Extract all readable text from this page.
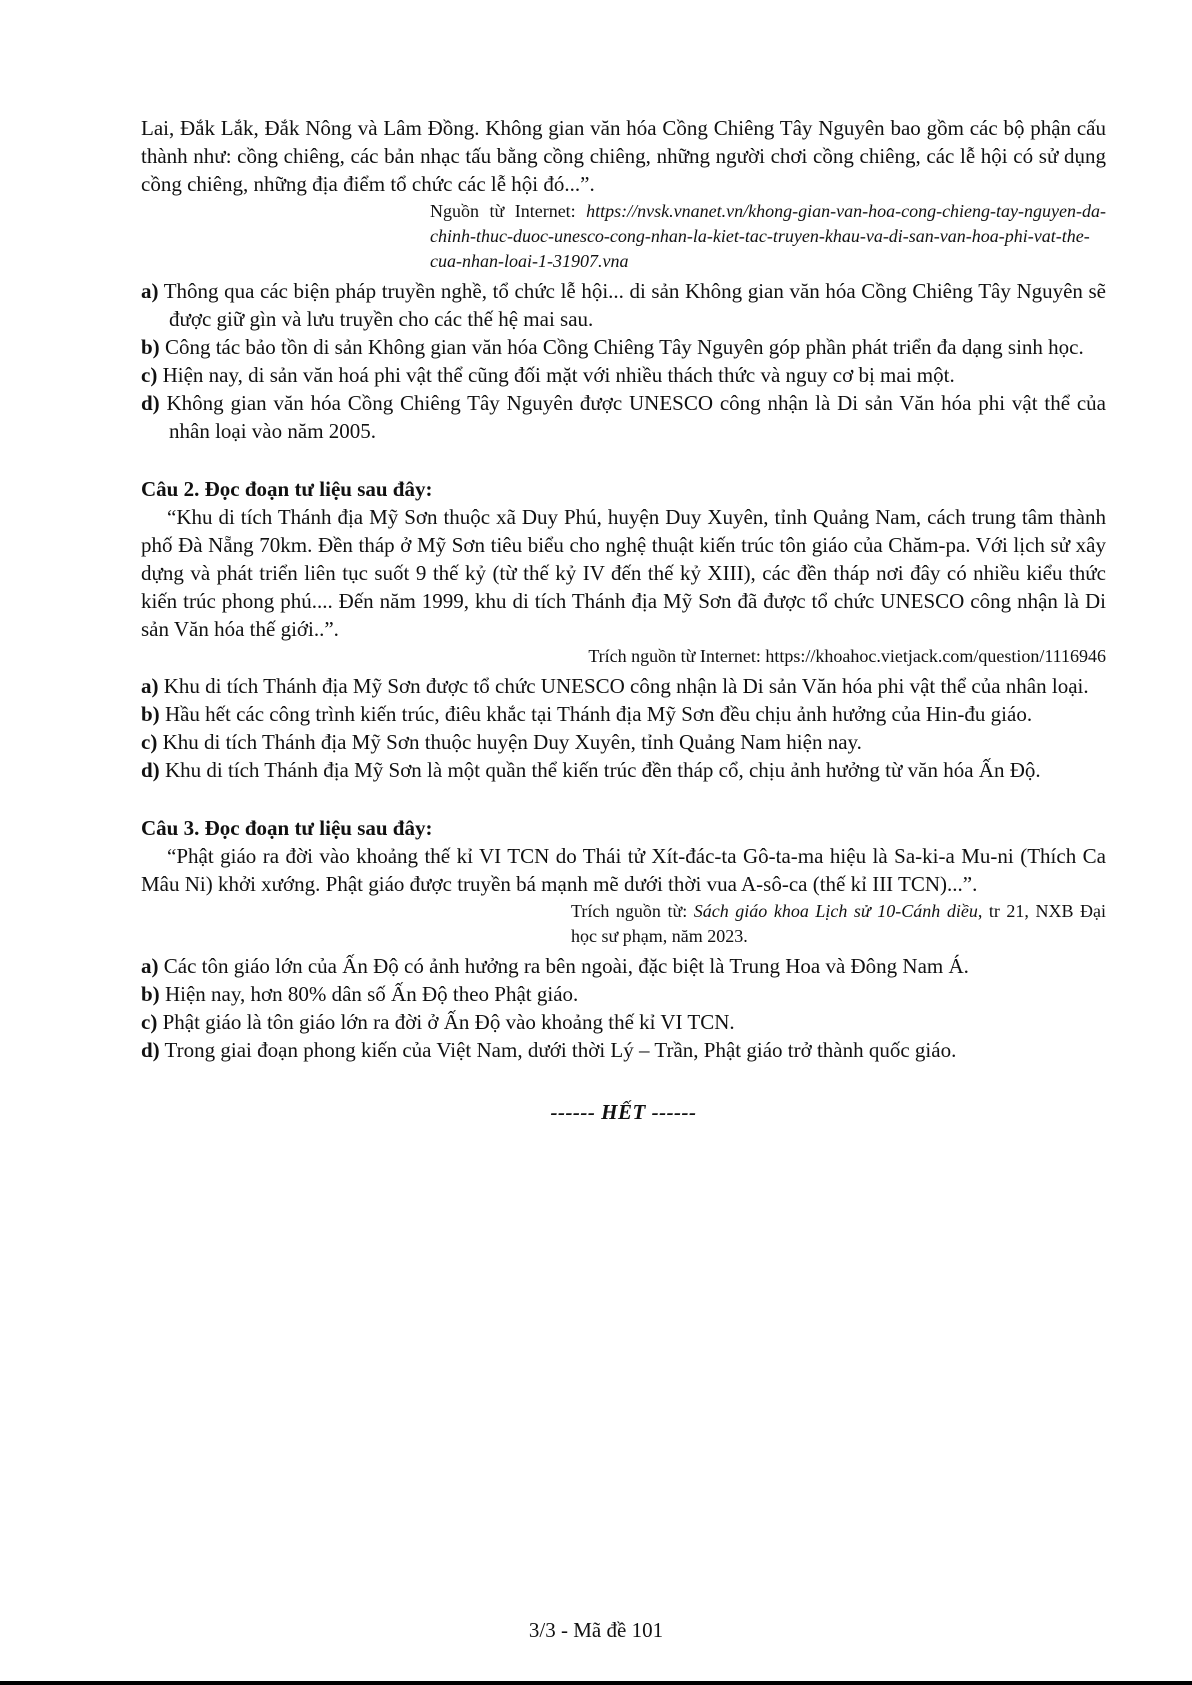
Lai, Đắk Lắk, Đắk Nông và Lâm Đồng. Không gian văn hóa Cồng Chiêng Tây Nguyên bao gồm các bộ phận cấu thành như: cồng chiêng, các bản nhạc tấu bằng cồng chiêng, những người chơi cồng chiêng, các lễ hội có sử dụng cồng chiêng, những địa điểm tổ chức các lễ hội đó...”.
Nguồn từ Internet: https://nvsk.vnanet.vn/khong-gian-van-hoa-cong-chieng-tay-nguyen-da-chinh-thuc-duoc-unesco-cong-nhan-la-kiet-tac-truyen-khau-va-di-san-van-hoa-phi-vat-the-cua-nhan-loai-1-31907.vna
a) Thông qua các biện pháp truyền nghề, tổ chức lễ hội... di sản Không gian văn hóa Cồng Chiêng Tây Nguyên sẽ được giữ gìn và lưu truyền cho các thế hệ mai sau.
b) Công tác bảo tồn di sản Không gian văn hóa Cồng Chiêng Tây Nguyên góp phần phát triển đa dạng sinh học.
c) Hiện nay, di sản văn hoá phi vật thể cũng đối mặt với nhiều thách thức và nguy cơ bị mai một.
d) Không gian văn hóa Cồng Chiêng Tây Nguyên được UNESCO công nhận là Di sản Văn hóa phi vật thể của nhân loại vào năm 2005.
Câu 2. Đọc đoạn tư liệu sau đây:
“Khu di tích Thánh địa Mỹ Sơn thuộc xã Duy Phú, huyện Duy Xuyên, tỉnh Quảng Nam, cách trung tâm thành phố Đà Nẵng 70km. Đền tháp ở Mỹ Sơn tiêu biểu cho nghệ thuật kiến trúc tôn giáo của Chăm-pa. Với lịch sử xây dựng và phát triển liên tục suốt 9 thế kỷ (từ thế kỷ IV đến thế kỷ XIII), các đền tháp nơi đây có nhiều kiểu thức kiến trúc phong phú.... Đến năm 1999, khu di tích Thánh địa Mỹ Sơn đã được tổ chức UNESCO công nhận là Di sản Văn hóa thế giới..”.
Trích nguồn từ Internet: https://khoahoc.vietjack.com/question/1116946
a) Khu di tích Thánh địa Mỹ Sơn được tổ chức UNESCO công nhận là Di sản Văn hóa phi vật thể của nhân loại.
b) Hầu hết các công trình kiến trúc, điêu khắc tại Thánh địa Mỹ Sơn đều chịu ảnh hưởng của Hin-đu giáo.
c) Khu di tích Thánh địa Mỹ Sơn thuộc huyện Duy Xuyên, tỉnh Quảng Nam hiện nay.
d) Khu di tích Thánh địa Mỹ Sơn là một quần thể kiến trúc đền tháp cổ, chịu ảnh hưởng từ văn hóa Ấn Độ.
Câu 3. Đọc đoạn tư liệu sau đây:
“Phật giáo ra đời vào khoảng thế kỉ VI TCN do Thái tử Xít-đác-ta Gô-ta-ma hiệu là Sa-ki-a Mu-ni (Thích Ca Mâu Ni) khởi xướng. Phật giáo được truyền bá mạnh mẽ dưới thời vua A-sô-ca (thế kỉ III TCN)...”.
Trích nguồn từ: Sách giáo khoa Lịch sử 10-Cánh diều, tr 21, NXB Đại học sư phạm, năm 2023.
a) Các tôn giáo lớn của Ấn Độ có ảnh hưởng ra bên ngoài, đặc biệt là Trung Hoa và Đông Nam Á.
b) Hiện nay, hơn 80% dân số Ấn Độ theo Phật giáo.
c) Phật giáo là tôn giáo lớn ra đời ở Ấn Độ vào khoảng thế kỉ VI TCN.
d) Trong giai đoạn phong kiến của Việt Nam, dưới thời Lý – Trần, Phật giáo trở thành quốc giáo.
------ HẾT ------
3/3 - Mã đề 101
